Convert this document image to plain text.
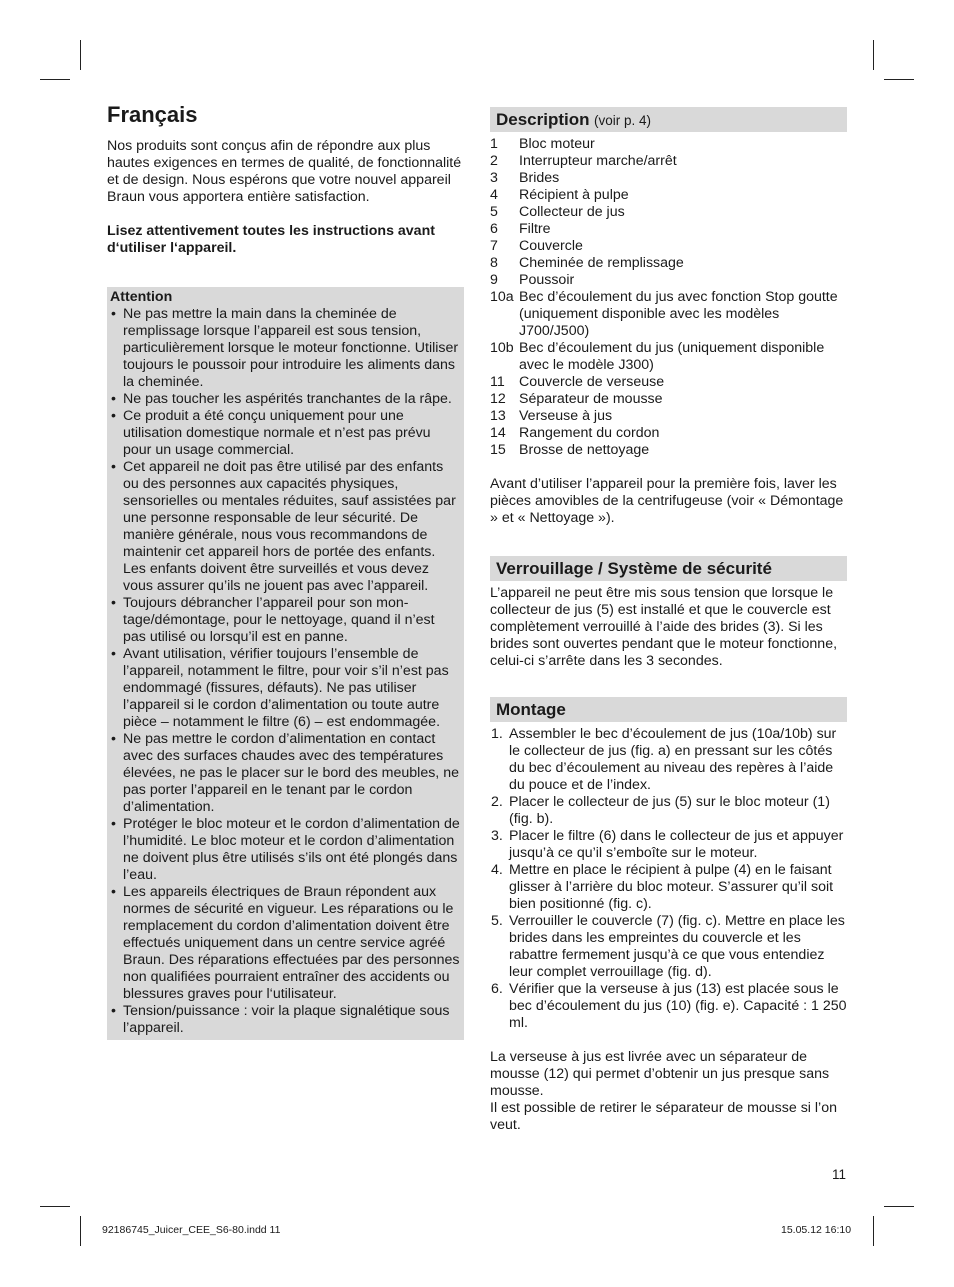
Français

Nos produits sont conçus afin de répondre aux plus hautes exigences en termes de qualité, de fonctionnalité et de design. Nous espérons que votre nouvel appareil Braun vous apportera entière satisfaction.

Lisez attentivement toutes les instructions avant d‘utiliser l‘appareil.

Attention
• Ne pas mettre la main dans la cheminée de remplissage lorsque l’appareil est sous tension, particulièrement lorsque le moteur fonctionne. Utiliser toujours le poussoir pour introduire les aliments dans la cheminée.
• Ne pas toucher les aspérités tranchantes de la râpe.
• Ce produit a été conçu uniquement pour une utilisation domestique normale et n’est pas prévu pour un usage commercial.
• Cet appareil ne doit pas être utilisé par des enfants ou des personnes aux capacités physiques, sensorielles ou mentales réduites, sauf assistées par une personne responsable de leur sécurité. De manière générale, nous vous recommandons de maintenir cet appareil hors de portée des enfants. Les enfants doivent être surveillés et vous devez vous assurer qu’ils ne jouent pas avec l’appareil.
• Toujours débrancher l’appareil pour son montage/démontage, pour le nettoyage, quand il n’est pas utilisé ou lorsqu’il est en panne.
• Avant utilisation, vérifier toujours l’ensemble de l’appareil, notamment le filtre, pour voir s’il n’est pas endommagé (fissures, défauts). Ne pas utiliser l’appareil si le cordon d’alimentation ou toute autre pièce – notamment le filtre (6) – est endommagée.
• Ne pas mettre le cordon d’alimentation en contact avec des surfaces chaudes avec des températures élevées, ne pas le placer sur le bord des meubles, ne pas porter l’appareil en le tenant par le cordon d’alimentation.
• Protéger le bloc moteur et le cordon d’alimentation de l’humidité. Le bloc moteur et le cordon d’alimentation ne doivent plus être utilisés s’ils ont été plongés dans l’eau.
• Les appareils électriques de Braun répondent aux normes de sécurité en vigueur. Les réparations ou le remplacement du cordon d’alimentation doivent être effectués uniquement dans un centre service agréé Braun. Des réparations effectuées par des personnes non qualifiées pourraient entraîner des accidents ou blessures graves pour l‘utilisateur.
• Tension/puissance : voir la plaque signalétique sous l’appareil.
Description (voir p. 4)
1	Bloc moteur
2	Interrupteur marche/arrêt
3	Brides
4	Récipient à pulpe
5	Collecteur de jus
6	Filtre
7	Couvercle
8	Cheminée de remplissage
9	Poussoir
10a Bec d’écoulement du jus avec fonction Stop goutte (uniquement disponible avec les modèles J700/J500)
10b Bec d’écoulement du jus (uniquement disponible avec le modèle J300)
11	Couvercle de verseuse
12 Séparateur de mousse
13 Verseuse à jus
14 Rangement du cordon
15 Brosse de nettoyage

Avant d’utiliser l’appareil pour la première fois, laver les pièces amovibles de la centrifugeuse (voir « Démontage » et « Nettoyage »).

Verrouillage / Système de sécurité

L’appareil ne peut être mis sous tension que lorsque le collecteur de jus (5) est installé et que le couvercle est complètement verrouillé à l’aide des brides (3). Si les brides sont ouvertes pendant que le moteur fonctionne, celui-ci s’arrête dans les 3 secondes.

Montage
1. Assembler le bec d’écoulement de jus (10a/10b) sur le collecteur de jus (fig. a) en pressant sur les côtés du bec d’écoulement au niveau des repères à l’aide du pouce et de l’index.
2. Placer le collecteur de jus (5) sur le bloc moteur (1) (fig. b).
3. Placer le filtre (6) dans le collecteur de jus et appuyer jusqu’à ce qu’il s’emboîte sur le moteur.
4. Mettre en place le récipient à pulpe (4) en le faisant glisser à l’arrière du bloc moteur. S’assurer qu’il soit bien positionné (fig. c).
5. Verrouiller le couvercle (7) (fig. c). Mettre en place les brides dans les empreintes du couvercle et les rabattre fermement jusqu’à ce que vous entendiez leur complet verrouillage (fig. d).
6. Vérifier que la verseuse à jus (13) est placée sous le bec d’écoulement du jus (10) (fig. e). Capacité : 1 250 ml.

La verseuse à jus est livrée avec un séparateur de mousse (12) qui permet d’obtenir un jus presque sans mousse.

Il est possible de retirer le séparateur de mousse si l’on veut.

11
92186745_Juicer_CEE_S6-80.indd 11	15.05.12 16:10
